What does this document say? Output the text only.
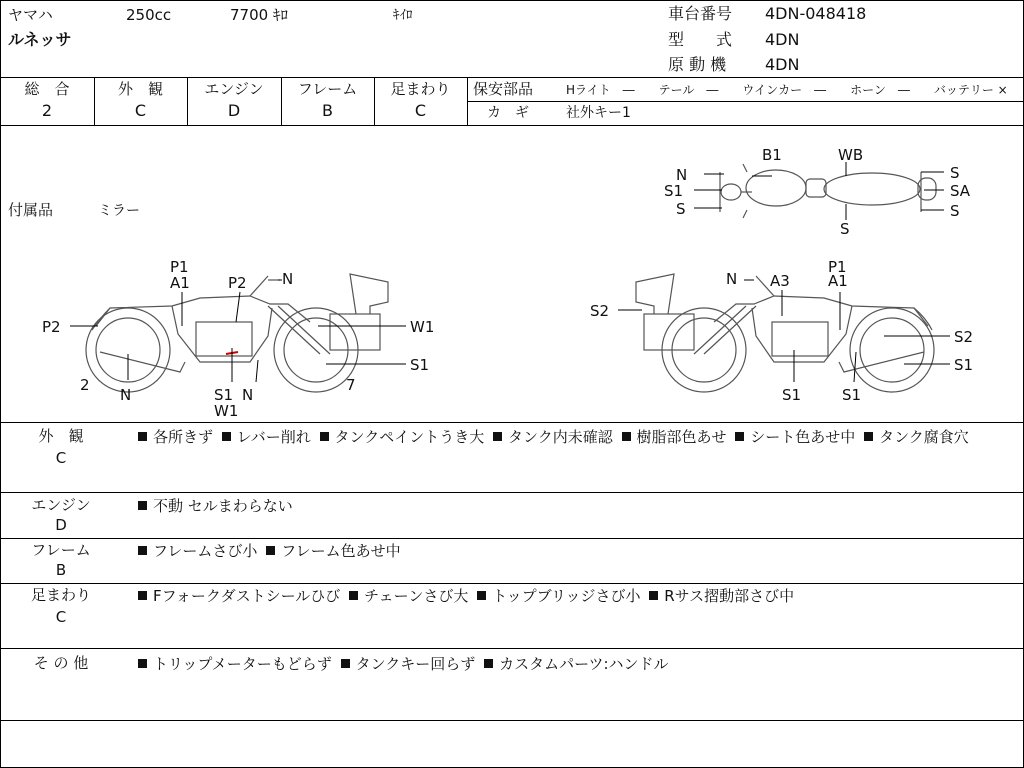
ヤマハ	250cc	7700 ｷﾛ	ｷｲﾛ
ルネッサ
車台番号 4DN-048418
型　　式 4DN
原 動 機 4DN
総　合
2
外　観
C
エンジン
D
フレーム
B
足まわり
C
保安部品	Hライト　―　　テール　―　　ウインカー　―　　ホーン　―　　バッテリー ×
カ　ギ	社外キー1
付属品	ミラー
B1	WB
N
S1
S
S
SA
S
S
P1
A1	P2 N
P2	W1
S1
2
N	S1
W1
N
7
N A3
P1
A1
S2
S2
S1
S1	S1
外　観
C
各所きず レバー削れ タンクペイントうき大 タンク内未確認 樹脂部色あせ シート色あせ中 タンク腐食穴
エンジン
D
不動 セルまわらない
フレーム
B
フレームさび小 フレーム色あせ中
足まわり
C
Fフォークダストシールひび チェーンさび大 トップブリッジさび小 Rサス摺動部さび中
そ の 他	トリップメーターもどらず タンクキー回らず カスタムパーツ:ハンドル
